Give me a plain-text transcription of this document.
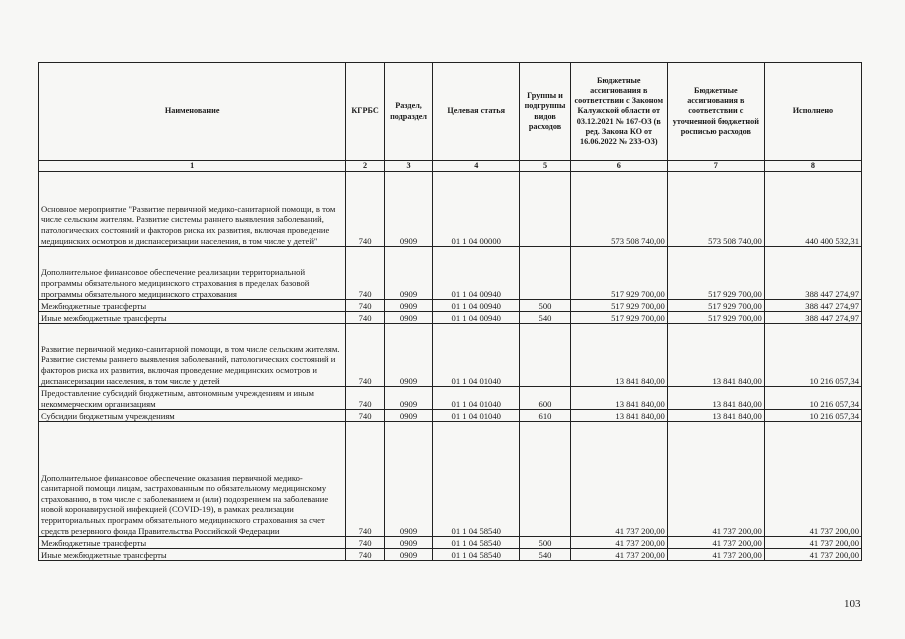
Наименование	КГРБС	Раздел, подраздел	Целевая статья	Группы и подгруппы видов расходов	Бюджетные ассигнования в соответствии с Законом Калужской области от 03.12.2021 № 167-ОЗ (в ред. Закона КО от 16.06.2022 № 233-ОЗ)	Бюджетные ассигнования в соответствии с уточненной бюджетной росписью расходов	Исполнено
1	2	3	4	5	6	7	8
Основное мероприятие "Развитие первичной медико-санитарной помощи, в том числе сельским жителям. Развитие системы раннего выявления заболеваний, патологических состояний и факторов риска их развития, включая проведение медицинских осмотров и диспансеризации населения, в том числе у детей"	740	0909	01 1 04 00000		573 508 740,00	573 508 740,00	440 400 532,31
Дополнительное финансовое обеспечение реализации территориальной программы обязательного медицинского страхования в пределах базовой программы обязательного медицинского страхования	740	0909	01 1 04 00940		517 929 700,00	517 929 700,00	388 447 274,97
Межбюджетные трансферты	740	0909	01 1 04 00940	500	517 929 700,00	517 929 700,00	388 447 274,97
Иные межбюджетные трансферты	740	0909	01 1 04 00940	540	517 929 700,00	517 929 700,00	388 447 274,97
Развитие первичной медико-санитарной помощи, в том числе сельским жителям. Развитие системы раннего выявления заболеваний, патологических состояний и факторов риска их развития, включая проведение медицинских осмотров и диспансеризации населения, в том числе у детей	740	0909	01 1 04 01040		13 841 840,00	13 841 840,00	10 216 057,34
Предоставление субсидий бюджетным, автономным учреждениям и иным некоммерческим организациям	740	0909	01 1 04 01040	600	13 841 840,00	13 841 840,00	10 216 057,34
Субсидии бюджетным учреждениям	740	0909	01 1 04 01040	610	13 841 840,00	13 841 840,00	10 216 057,34
Дополнительное финансовое обеспечение оказания первичной медико-санитарной помощи лицам, застрахованным по обязательному медицинскому страхованию, в том числе с заболеванием и (или) подозрением на заболевание новой коронавирусной инфекцией (COVID-19), в рамках реализации территориальных программ обязательного медицинского страхования за счет средств резервного фонда Правительства Российской Федерации	740	0909	01 1 04 58540		41 737 200,00	41 737 200,00	41 737 200,00
Межбюджетные трансферты	740	0909	01 1 04 58540	500	41 737 200,00	41 737 200,00	41 737 200,00
Иные межбюджетные трансферты	740	0909	01 1 04 58540	540	41 737 200,00	41 737 200,00	41 737 200,00
103
